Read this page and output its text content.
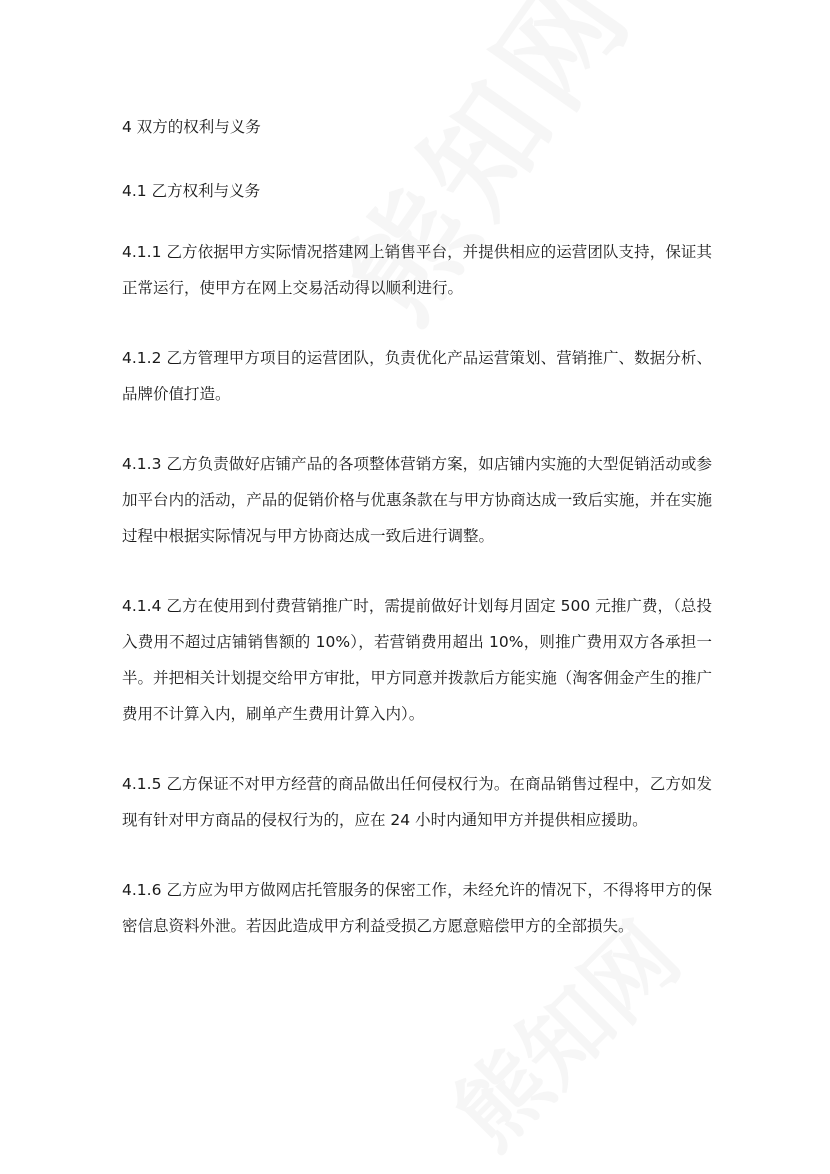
4 双方的权利与义务

4.1 乙方权利与义务

4.1.1 乙方依据甲方实际情况搭建网上销售平台，并提供相应的运营团队支持，保证其正常运行，使甲方在网上交易活动得以顺利进行。

4.1.2 乙方管理甲方项目的运营团队，负责优化产品运营策划、营销推广、数据分析、品牌价值打造。

4.1.3 乙方负责做好店铺产品的各项整体营销方案，如店铺内实施的大型促销活动或参加平台内的活动，产品的促销价格与优惠条款在与甲方协商达成一致后实施，并在实施过程中根据实际情况与甲方协商达成一致后进行调整。

4.1.4 乙方在使用到付费营销推广时，需提前做好计划每月固定 500 元推广费，（总投入费用不超过店铺销售额的 10%），若营销费用超出 10%，则推广费用双方各承担一半。并把相关计划提交给甲方审批，甲方同意并拨款后方能实施（淘客佣金产生的推广费用不计算入内，刷单产生费用计算入内）。

4.1.5 乙方保证不对甲方经营的商品做出任何侵权行为。在商品销售过程中，乙方如发现有针对甲方商品的侵权行为的，应在 24 小时内通知甲方并提供相应援助。

4.1.6 乙方应为甲方做网店托管服务的保密工作，未经允许的情况下，不得将甲方的保密信息资料外泄。若因此造成甲方利益受损乙方愿意赔偿甲方的全部损失。
